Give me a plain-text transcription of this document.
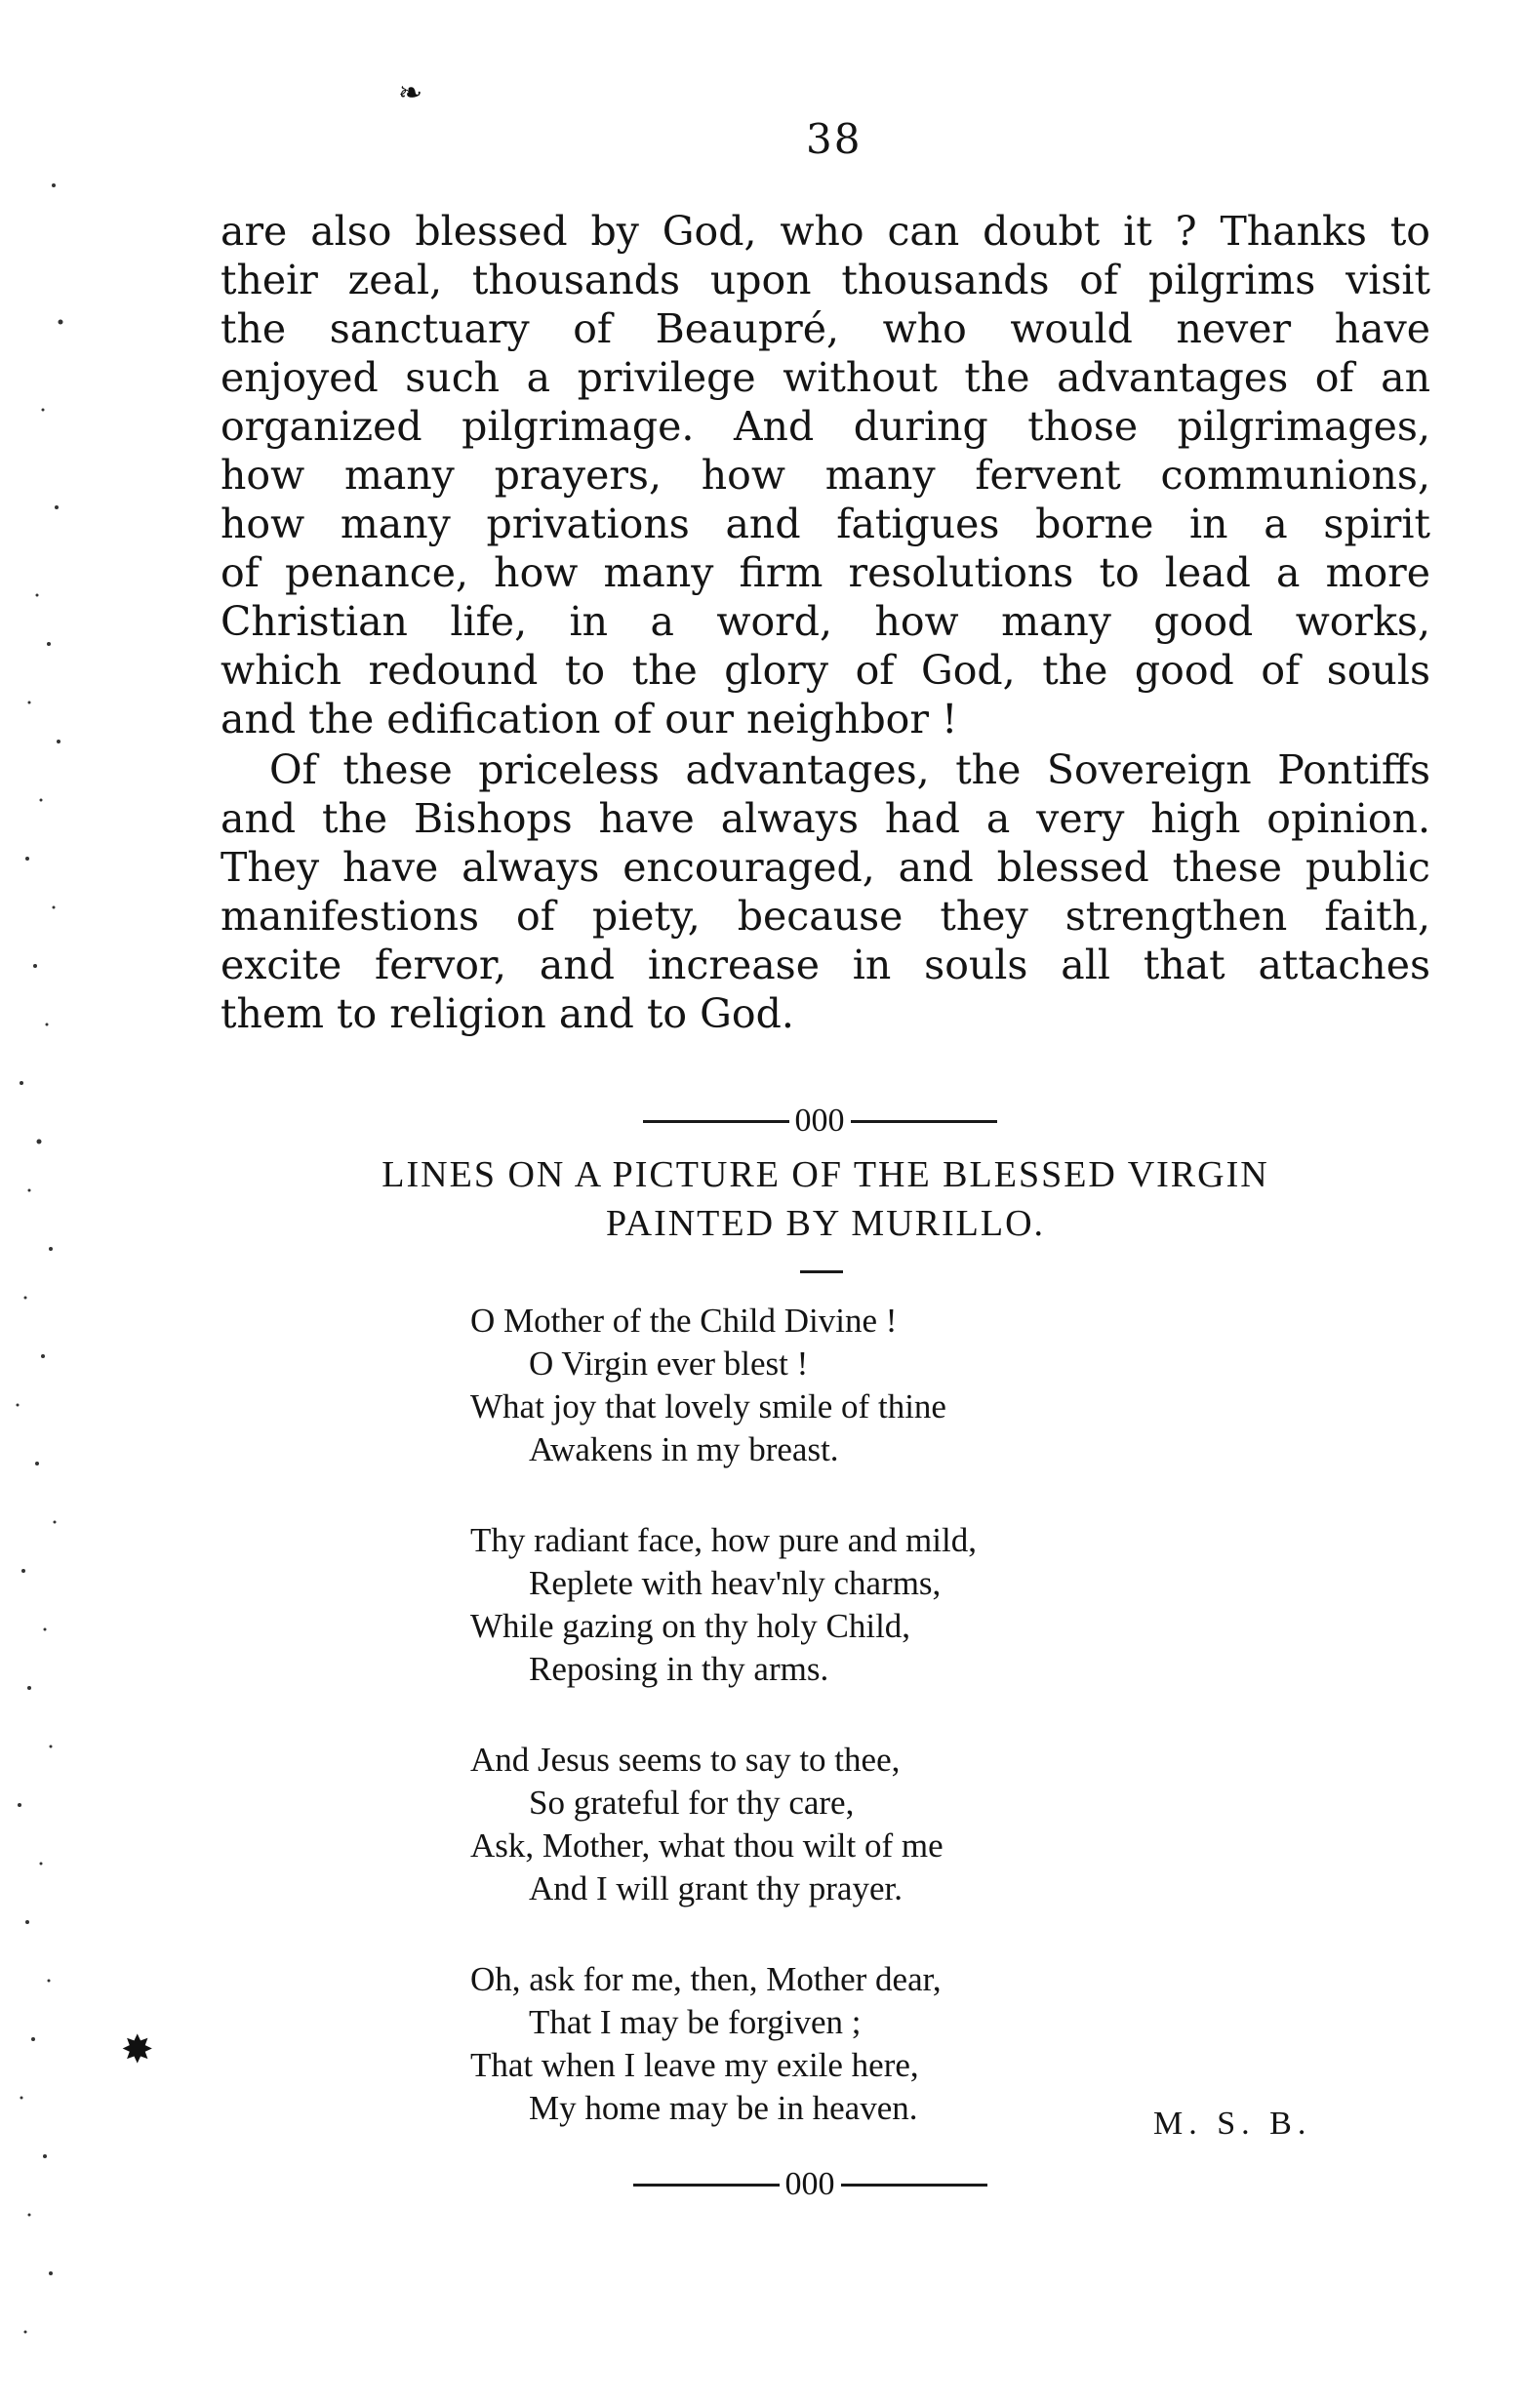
❧
38
are also blessed by God, who can doubt it ? Thanks to
their zeal, thousands upon thousands of pilgrims visit
the sanctuary of Beaupré, who would never have
enjoyed such a privilege without the advantages of an
organized pilgrimage. And during those pilgrimages,
how many prayers, how many fervent communions,
how many privations and fatigues borne in a spirit
of penance, how many firm resolutions to lead a more
Christian life, in a word, how many good works,
which redound to the glory of God, the good of souls
and the edification of our neighbor !
Of these priceless advantages, the Sovereign Pontiffs
and the Bishops have always had a very high opinion.
They have always encouraged, and blessed these public
manifestions of piety, because they strengthen faith,
excite fervor, and increase in souls all that attaches
them to religion and to God.
000
LINES ON A PICTURE OF THE BLESSED VIRGIN
PAINTED BY MURILLO.
O Mother of the Child Divine !
O Virgin ever blest !
What joy that lovely smile of thine
Awakens in my breast.
Thy radiant face, how pure and mild,
Replete with heav'nly charms,
While gazing on thy holy Child,
Reposing in thy arms.
And Jesus seems to say to thee,
So grateful for thy care,
Ask, Mother, what thou wilt of me
And I will grant thy prayer.
Oh, ask for me, then, Mother dear,
That I may be forgiven ;
That when I leave my exile here,
My home may be in heaven.	M. S. B.
✸
000
